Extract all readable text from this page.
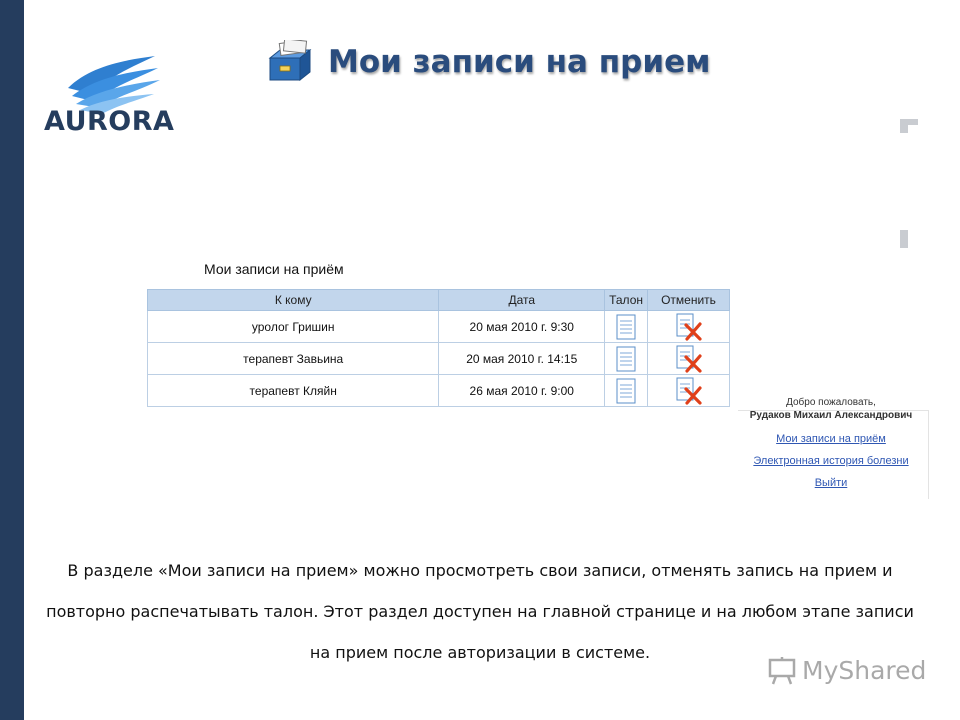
AURORA
Мои записи на прием
Мои записи на приём
К кому	Дата	Талон	Отменить
уролог Гришин	20 мая 2010 г. 9:30		
терапевт Завьина	20 мая 2010 г. 14:15		
терапевт Кляйн	26 мая 2010 г. 9:00		
Добро пожаловать,
Рудаков Михаил Александрович
Мои записи на приём
Электронная история болезни
Выйти
В разделе «Мои записи на прием» можно просмотреть свои записи, отменять запись на прием и повторно распечатывать талон. Этот раздел доступен на главной странице и на любом этапе записи на прием после авторизации в системе.
MyShared
